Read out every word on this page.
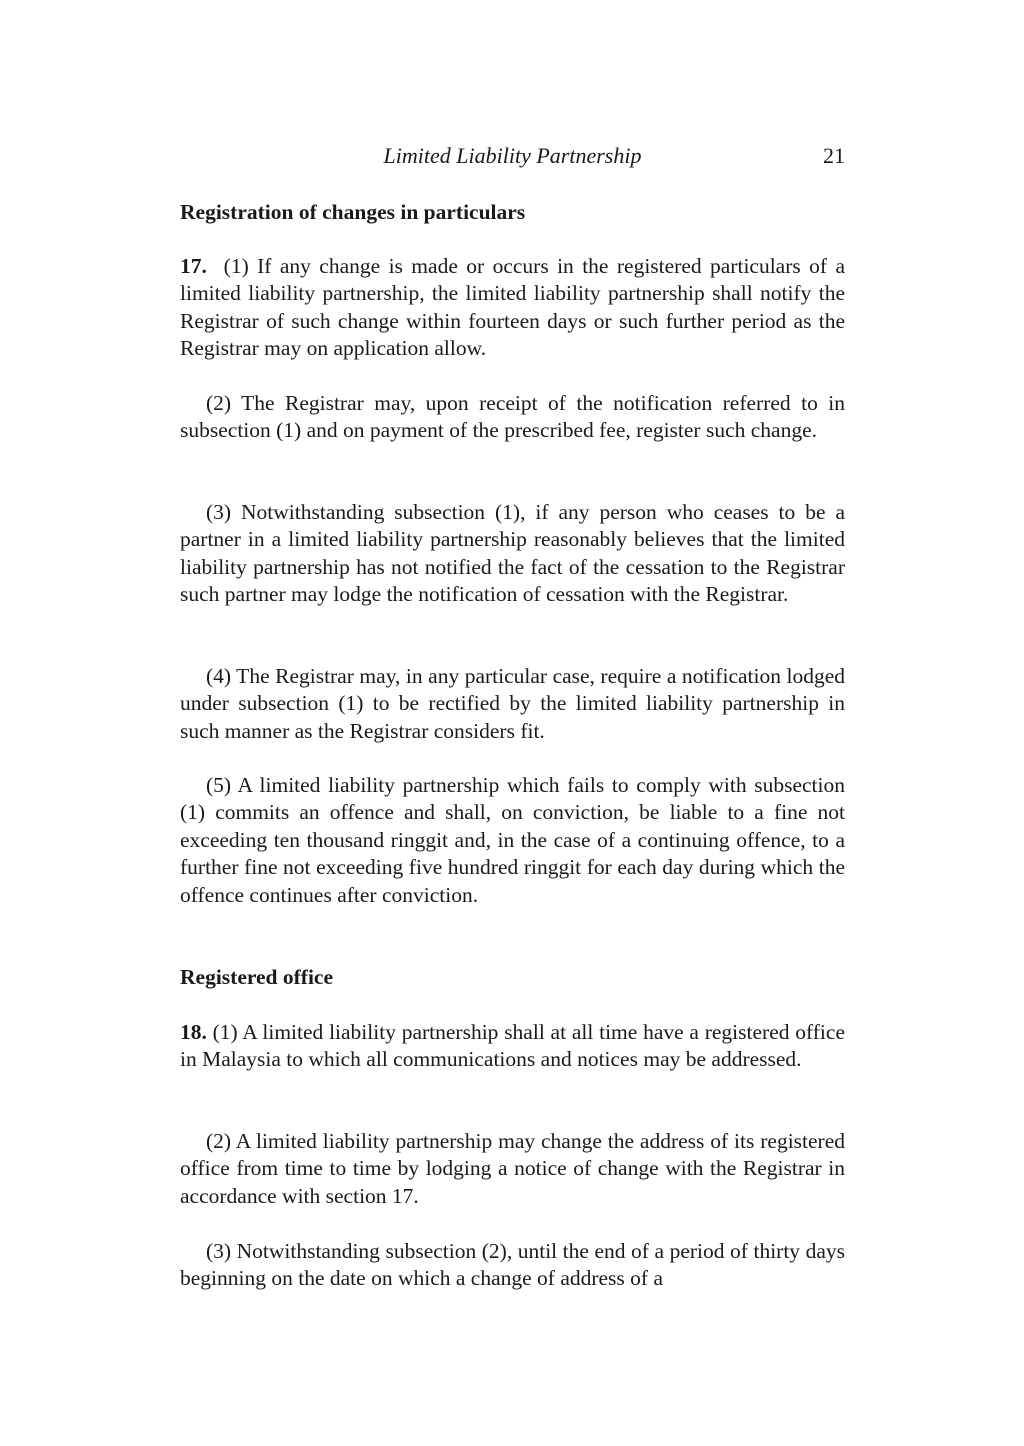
Limited Liability Partnership	21
Registration of changes in particulars

17. (1) If any change is made or occurs in the registered particulars of a limited liability partnership, the limited liability partnership shall notify the Registrar of such change within fourteen days or such further period as the Registrar may on application allow.

(2) The Registrar may, upon receipt of the notification referred to in subsection (1) and on payment of the prescribed fee, register such change.

(3) Notwithstanding subsection (1), if any person who ceases to be a partner in a limited liability partnership reasonably believes that the limited liability partnership has not notified the fact of the cessation to the Registrar such partner may lodge the notification of cessation with the Registrar.

(4) The Registrar may, in any particular case, require a notification lodged under subsection (1) to be rectified by the limited liability partnership in such manner as the Registrar considers fit.

(5) A limited liability partnership which fails to comply with subsection (1) commits an offence and shall, on conviction, be liable to a fine not exceeding ten thousand ringgit and, in the case of a continuing offence, to a further fine not exceeding five hundred ringgit for each day during which the offence continues after conviction.

Registered office

18. (1) A limited liability partnership shall at all time have a registered office in Malaysia to which all communications and notices may be addressed.

(2) A limited liability partnership may change the address of its registered office from time to time by lodging a notice of change with the Registrar in accordance with section 17.

(3) Notwithstanding subsection (2), until the end of a period of thirty days beginning on the date on which a change of address of a
